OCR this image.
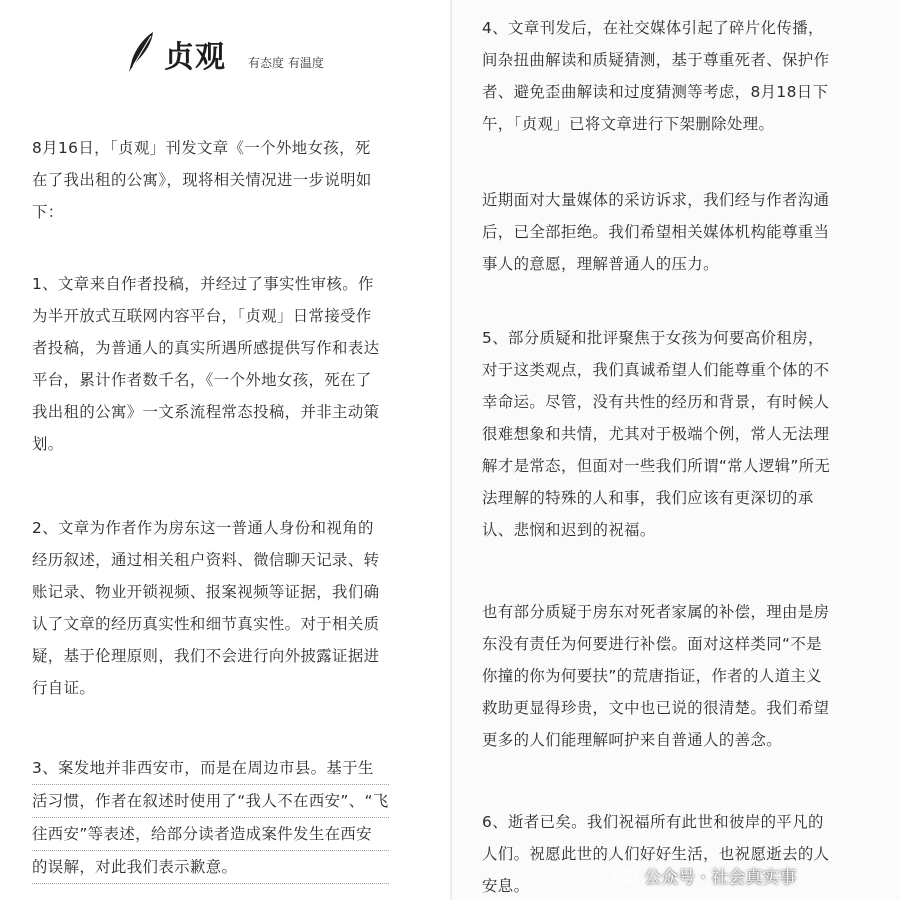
贞观 有态度 有温度
8月16日，「贞观」刊发文章《一个外地女孩，死
在了我出租的公寓》，现将相关情况进一步说明如
下：
1、文章来自作者投稿，并经过了事实性审核。作
为半开放式互联网内容平台，「贞观」日常接受作
者投稿，为普通人的真实所遇所感提供写作和表达
平台，累计作者数千名，《一个外地女孩，死在了
我出租的公寓》一文系流程常态投稿，并非主动策
划。
2、文章为作者作为房东这一普通人身份和视角的
经历叙述，通过相关租户资料、微信聊天记录、转
账记录、物业开锁视频、报案视频等证据，我们确
认了文章的经历真实性和细节真实性。对于相关质
疑，基于伦理原则，我们不会进行向外披露证据进
行自证。
3、案发地并非西安市，而是在周边市县。基于生
活习惯，作者在叙述时使用了“我人不在西安”、“飞
往西安”等表述，给部分读者造成案件发生在西安
的误解，对此我们表示歉意。
4、文章刊发后，在社交媒体引起了碎片化传播，
间杂扭曲解读和质疑猜测，基于尊重死者、保护作
者、避免歪曲解读和过度猜测等考虑，8月18日下
午，「贞观」已将文章进行下架删除处理。
近期面对大量媒体的采访诉求，我们经与作者沟通
后，已全部拒绝。我们希望相关媒体机构能尊重当
事人的意愿，理解普通人的压力。
5、部分质疑和批评聚焦于女孩为何要高价租房，
对于这类观点，我们真诚希望人们能尊重个体的不
幸命运。尽管，没有共性的经历和背景，有时候人
很难想象和共情，尤其对于极端个例，常人无法理
解才是常态，但面对一些我们所谓“常人逻辑”所无
法理解的特殊的人和事，我们应该有更深切的承
认、悲悯和迟到的祝福。
也有部分质疑于房东对死者家属的补偿，理由是房
东没有责任为何要进行补偿。面对这样类同“不是
你撞的你为何要扶”的荒唐指证，作者的人道主义
救助更显得珍贵，文中也已说的很清楚。我们希望
更多的人们能理解呵护来自普通人的善念。
6、逝者已矣。我们祝福所有此世和彼岸的平凡的
人们。祝愿此世的人们好好生活，也祝愿逝去的人
安息。	公众号 · 社会真实事
